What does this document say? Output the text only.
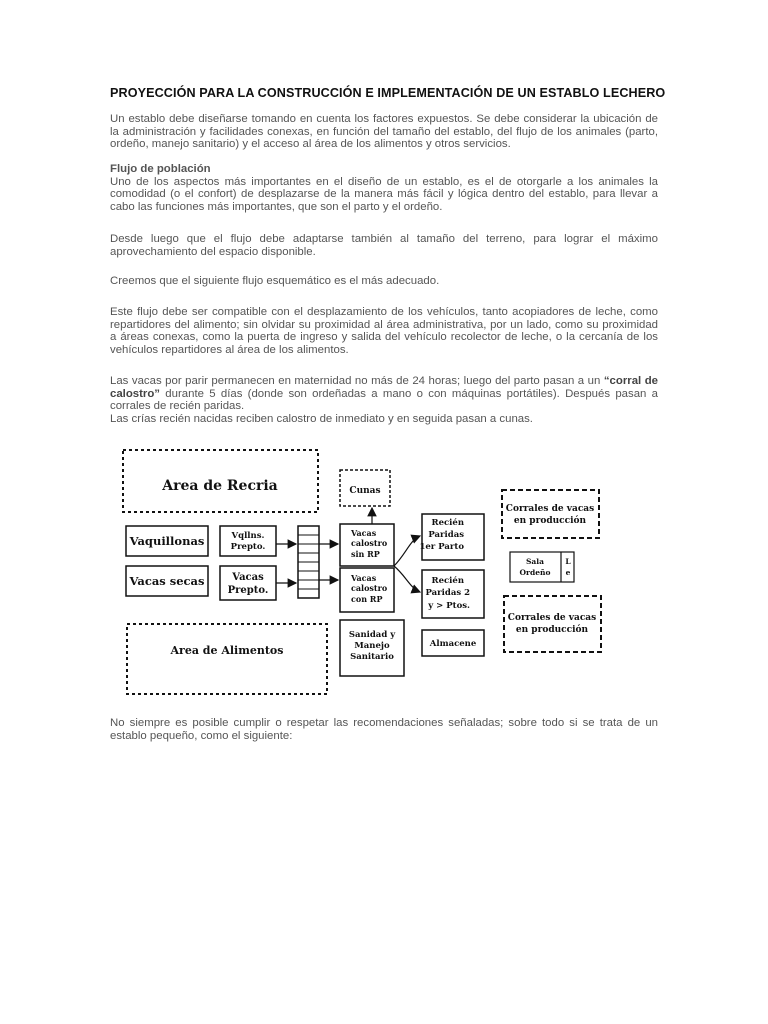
PROYECCIÓN PARA LA CONSTRUCCIÓN E IMPLEMENTACIÓN DE UN ESTABLO LECHERO
Un establo debe diseñarse tomando en cuenta los factores expuestos. Se debe considerar la ubicación de la administración y facilidades conexas, en función del tamaño del establo, del flujo de los animales (parto, ordeño, manejo sanitario) y el acceso al área de los alimentos y otros servicios.
Flujo de población
Uno de los aspectos más importantes en el diseño de un establo, es el de otorgarle a los animales la comodidad (o el confort) de desplazarse de la manera más fácil y lógica dentro del establo, para llevar a cabo las funciones más importantes, que son el parto y el ordeño.
Desde luego que el flujo debe adaptarse también al tamaño del terreno, para lograr el máximo aprovechamiento del espacio disponible.
Creemos que el siguiente flujo esquemático es el más adecuado.
Este flujo debe ser compatible con el desplazamiento de los vehículos, tanto acopiadores de leche, como repartidores del alimento; sin olvidar su proximidad al área administrativa, por un lado, como su proximidad a áreas conexas, como la puerta de ingreso y salida del vehículo recolector de leche, o la cercanía de los vehículos repartidores al área de los alimentos.
Las vacas por parir permanecen en maternidad no más de 24 horas; luego del parto pasan a un “corral de calostro” durante 5 días (donde son ordeñadas a mano o con máquinas portátiles). Después pasan a corrales de recién paridas.
Las crías recién nacidas reciben calostro de inmediato y en seguida pasan a cunas.
Area de Recria	Cunas
Corrales de vacas
en producción
Vaquillonas	Vqllns.
Prepto.
Vacas
calostro
sin RP
Recién
Paridas
1er Parto
Sala
Ordeño
L
e
Vacas secas	Vacas
Prepto.
Vacas
calostro
con RP
Recién
Paridas 2
y > Ptos.
Corrales de vacas
en producción
Area de Alimentos
Sanidad y
Manejo
Sanitario
Almacene
No siempre es posible cumplir o respetar las recomendaciones señaladas; sobre todo si se trata de un establo pequeño, como el siguiente:
